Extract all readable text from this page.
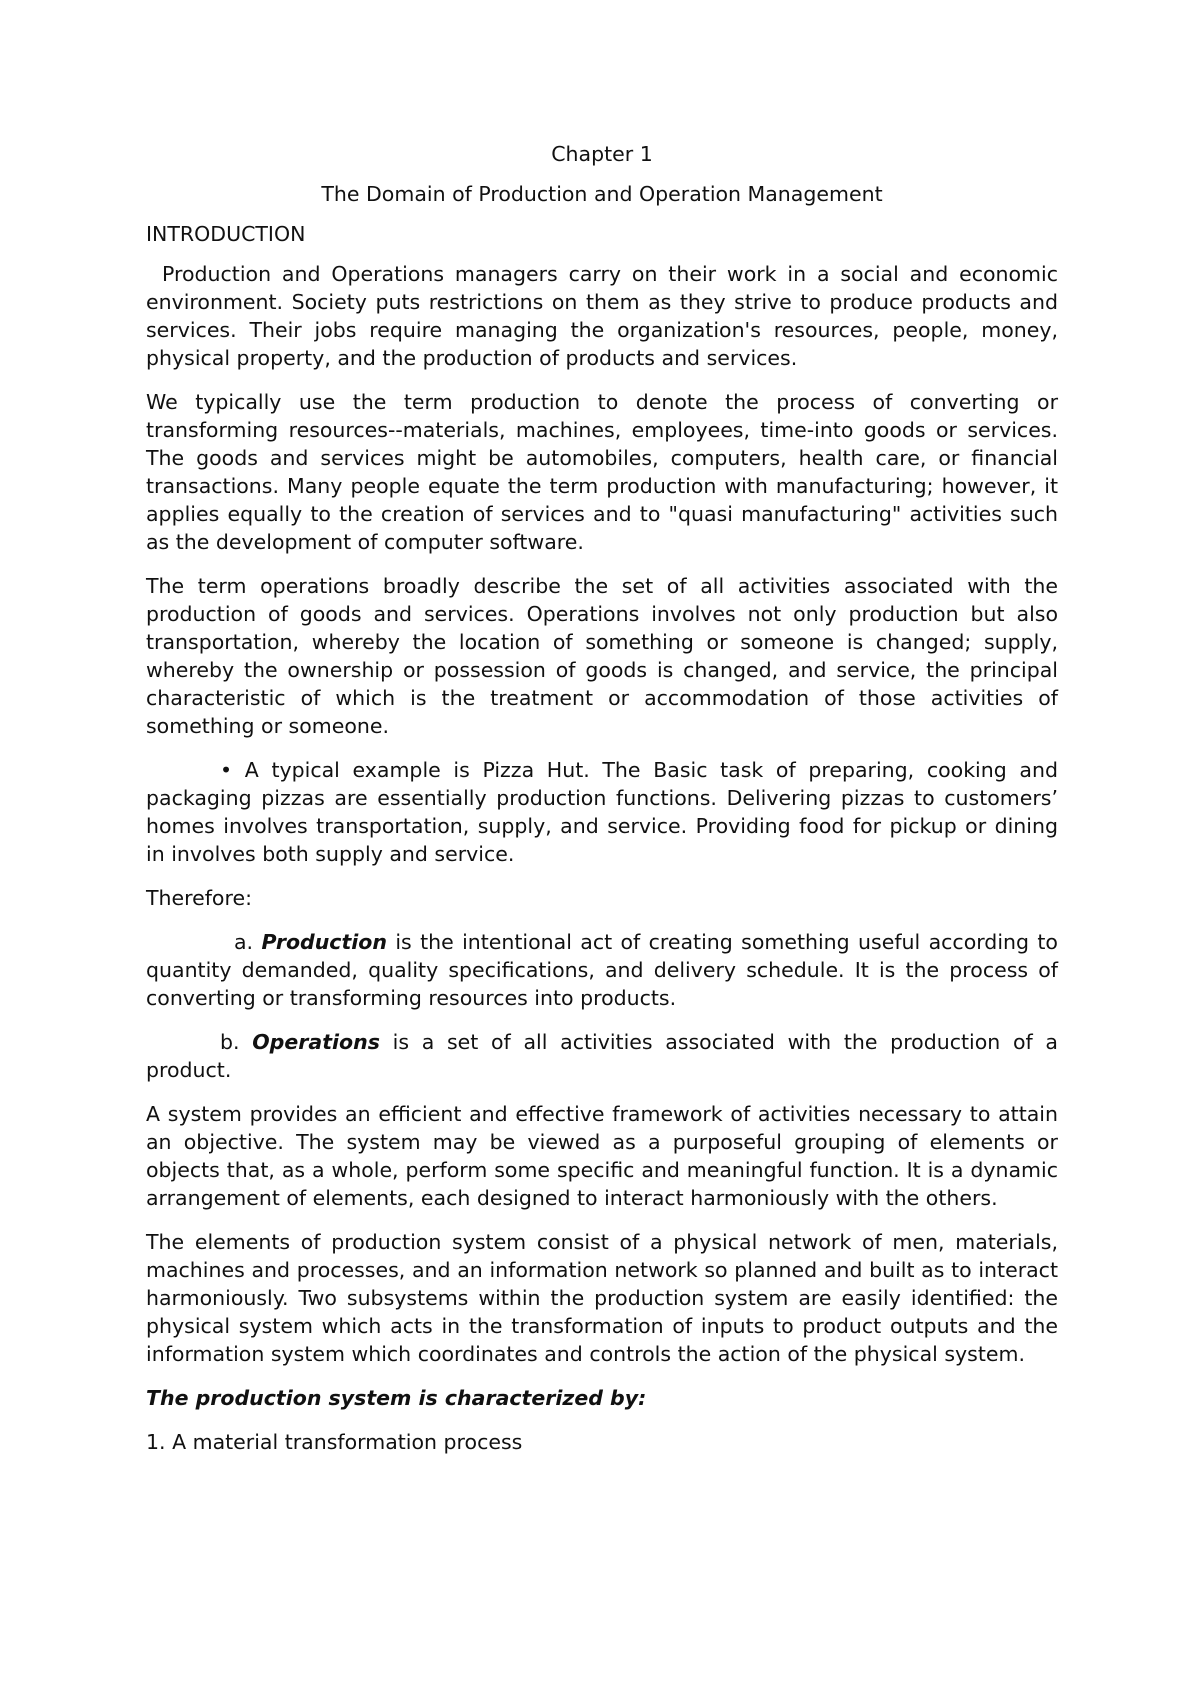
Chapter 1
The Domain of Production and Operation Management
INTRODUCTION

Production and Operations managers carry on their work in a social and economic environment. Society puts restrictions on them as they strive to produce products and services. Their jobs require managing the organization's resources, people, money, physical property, and the production of products and services.

We typically use the term production to denote the process of converting or transforming resources--materials, machines, employees, time-into goods or services. The goods and services might be automobiles, computers, health care, or financial transactions. Many people equate the term production with manufacturing; however, it applies equally to the creation of services and to "quasi manufacturing" activities such as the development of computer software.

The term operations broadly describe the set of all activities associated with the production of goods and services. Operations involves not only production but also transportation, whereby the location of something or someone is changed; supply, whereby the ownership or possession of goods is changed, and service, the principal characteristic of which is the treatment or accommodation of those activities of something or someone.

• A typical example is Pizza Hut. The Basic task of preparing, cooking and packaging pizzas are essentially production functions. Delivering pizzas to customers’ homes involves transportation, supply, and service. Providing food for pickup or dining in involves both supply and service.

Therefore:

a. Production is the intentional act of creating something useful according to quantity demanded, quality specifications, and delivery schedule. It is the process of converting or transforming resources into products.

b. Operations is a set of all activities associated with the production of a product.

A system provides an efficient and effective framework of activities necessary to attain an objective. The system may be viewed as a purposeful grouping of elements or objects that, as a whole, perform some specific and meaningful function. It is a dynamic arrangement of elements, each designed to interact harmoniously with the others.

The elements of production system consist of a physical network of men, materials, machines and processes, and an information network so planned and built as to interact harmoniously. Two subsystems within the production system are easily identified: the physical system which acts in the transformation of inputs to product outputs and the information system which coordinates and controls the action of the physical system.

The production system is characterized by:

1. A material transformation process
